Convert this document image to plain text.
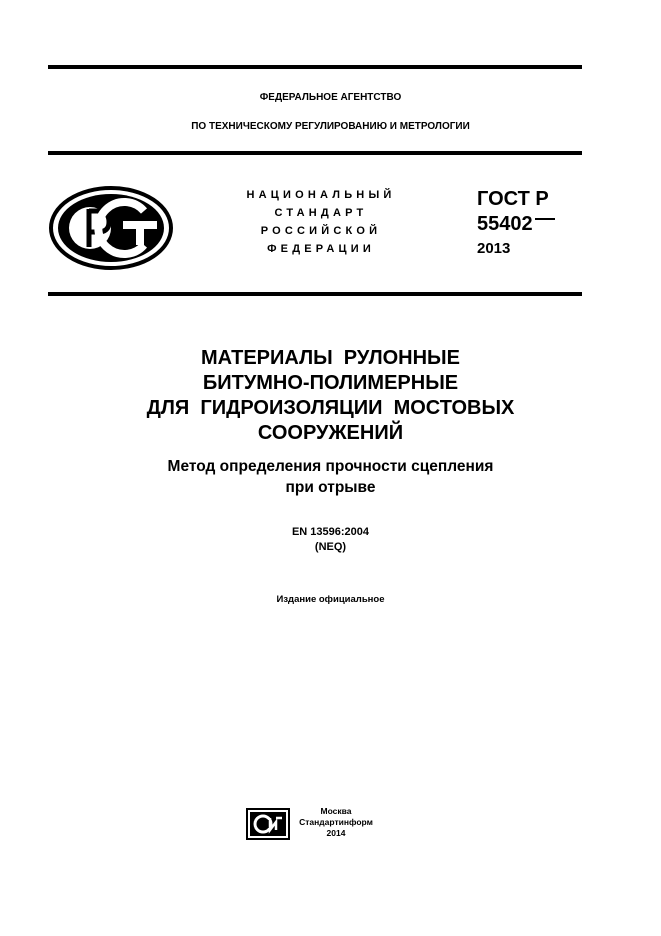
ФЕДЕРАЛЬНОЕ АГЕНТСТВО
ПО ТЕХНИЧЕСКОМУ РЕГУЛИРОВАНИЮ И МЕТРОЛОГИИ
НАЦИОНАЛЬНЫЙ
СТАНДАРТ
РОССИЙСКОЙ
ФЕДЕРАЦИИ
ГОСТ Р
55402
2013
МАТЕРИАЛЫ  РУЛОННЫЕ
БИТУМНО-ПОЛИМЕРНЫЕ
ДЛЯ  ГИДРОИЗОЛЯЦИИ  МОСТОВЫХ
СООРУЖЕНИЙ
Метод определения прочности сцепления
при отрыве
EN 13596:2004
(NEQ)
Издание официальное
Москва
Стандартинформ
2014
